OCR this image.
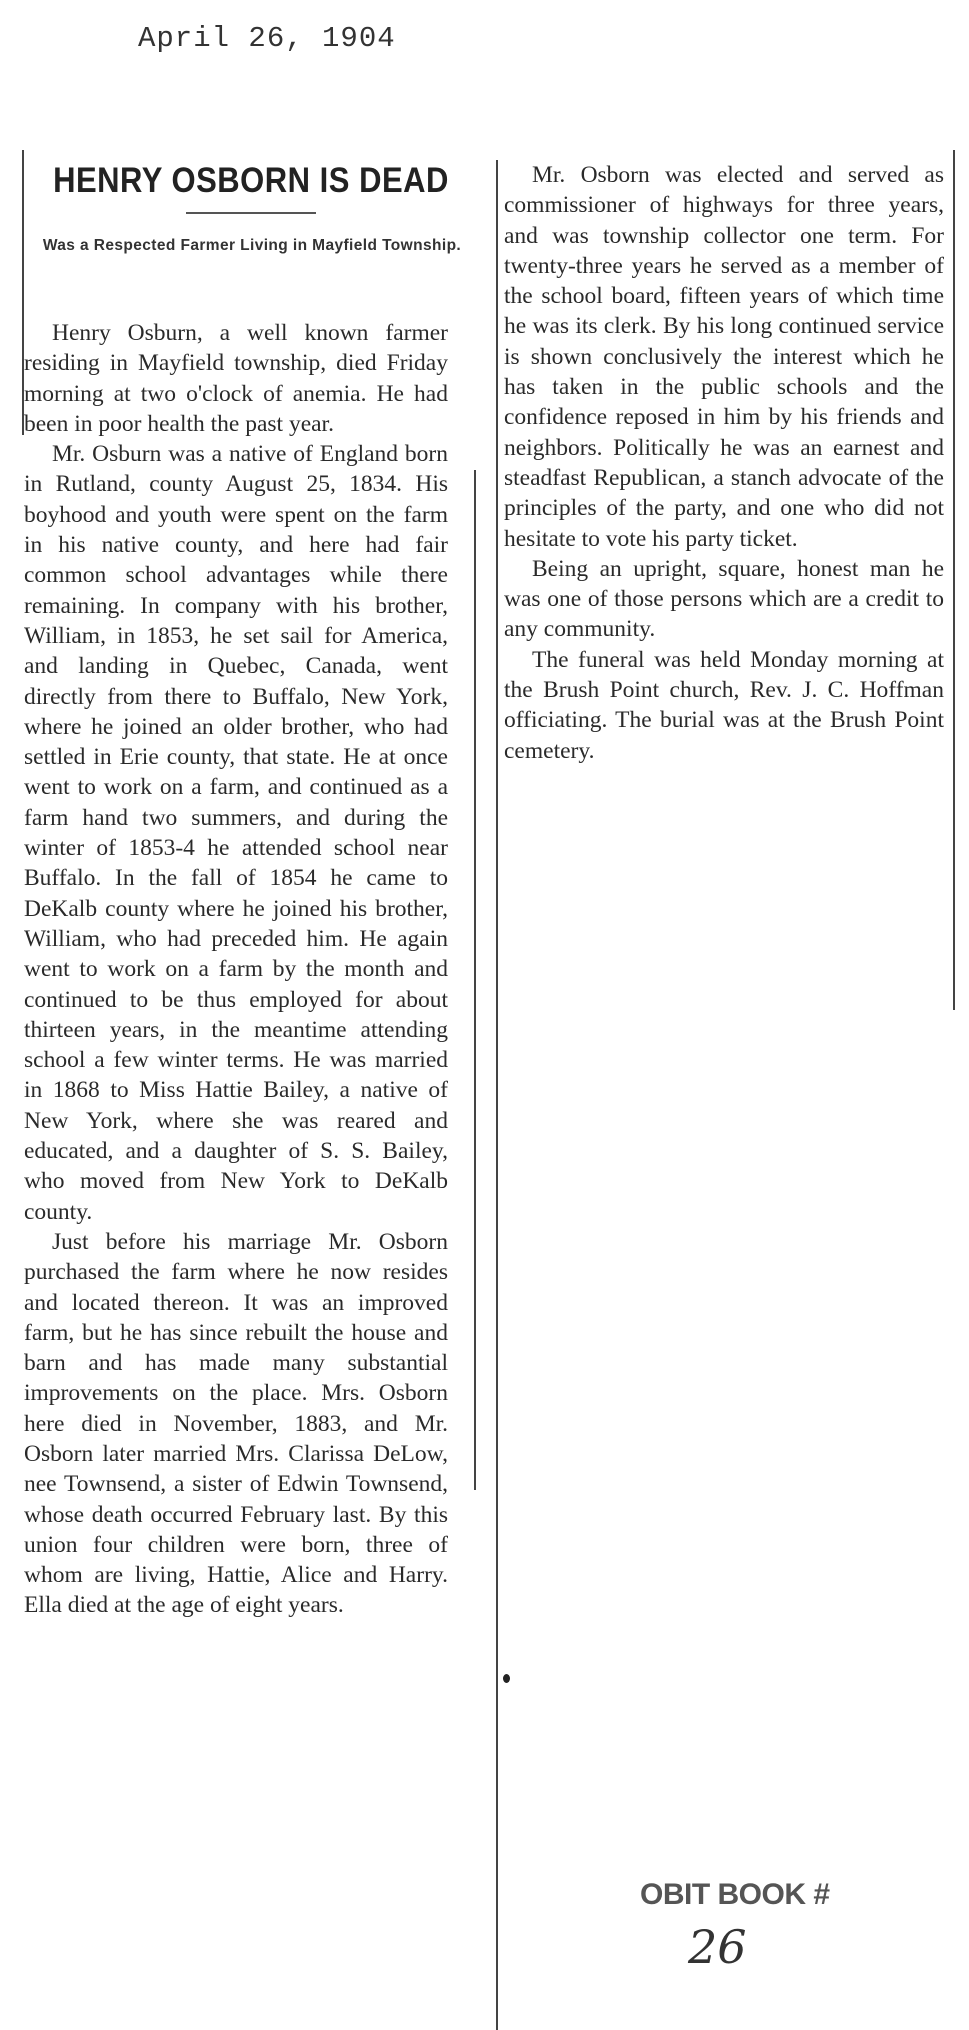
April 26, 1904
HENRY OSBORN IS DEAD
Was a Respected Farmer Living in Mayfield Township.

Henry Osburn, a well known farmer residing in Mayfield township, died Friday morning at two o'clock of anemia. He had been in poor health the past year.

Mr. Osburn was a native of England born in Rutland, county August 25, 1834. His boyhood and youth were spent on the farm in his native county, and here had fair common school advantages while there remaining. In company with his brother, William, in 1853, he set sail for America, and landing in Quebec, Canada, went directly from there to Buffalo, New York, where he joined an older brother, who had settled in Erie county, that state. He at once went to work on a farm, and continued as a farm hand two summers, and during the winter of 1853-4 he attended school near Buffalo. In the fall of 1854 he came to DeKalb county where he joined his brother, William, who had preceded him. He again went to work on a farm by the month and continued to be thus employed for about thirteen years, in the meantime attending school a few winter terms. He was married in 1868 to Miss Hattie Bailey, a native of New York, where she was reared and educated, and a daughter of S. S. Bailey, who moved from New York to DeKalb county.

Just before his marriage Mr. Osborn purchased the farm where he now resides and located thereon. It was an improved farm, but he has since rebuilt the house and barn and has made many substantial improvements on the place. Mrs. Osborn here died in November, 1883, and Mr. Osborn later married Mrs. Clarissa DeLow, nee Townsend, a sister of Edwin Townsend, whose death occurred February last. By this union four children were born, three of whom are living, Hattie, Alice and Harry. Ella died at the age of eight years.

Mr. Osborn was elected and served as commissioner of highways for three years, and was township collector one term. For twenty-three years he served as a member of the school board, fifteen years of which time he was its clerk. By his long continued service is shown conclusively the interest which he has taken in the public schools and the confidence reposed in him by his friends and neighbors. Politically he was an earnest and steadfast Republican, a stanch advocate of the principles of the party, and one who did not hesitate to vote his party ticket.

Being an upright, square, honest man he was one of those persons which are a credit to any community.

The funeral was held Monday morning at the Brush Point church, Rev. J. C. Hoffman officiating. The burial was at the Brush Point cemetery.

OBIT BOOK #
26
